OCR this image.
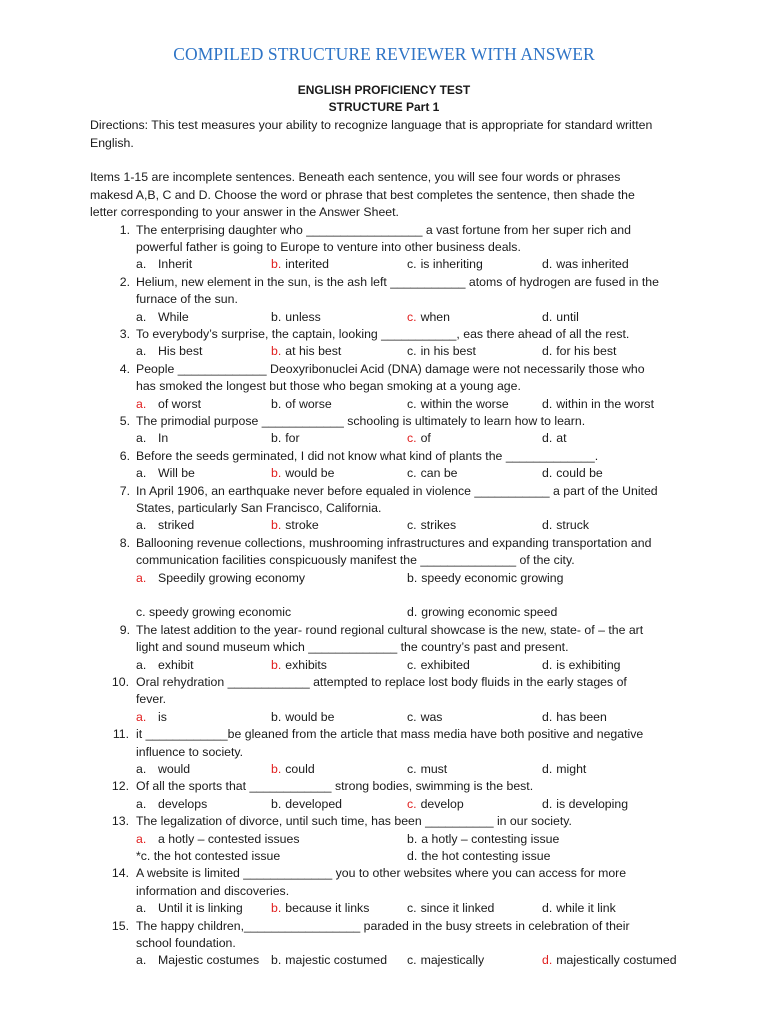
COMPILED STRUCTURE REVIEWER WITH ANSWER
ENGLISH PROFICIENCY TEST
STRUCTURE Part 1
Directions: This test measures your ability to recognize language that is appropriate for standard written
English.
Items 1-15 are incomplete sentences. Beneath each sentence, you will see four words or phrases
makesd A,B, C and D. Choose the word or phrase that best completes the sentence, then shade the
letter corresponding to your answer in the Answer Sheet.
1. The enterprising daughter who _________________ a vast fortune from her super rich and
powerful father is going to Europe to venture into other business deals.
a. Inherit	b. interited	c. is inheriting	d. was inherited
2. Helium, new element in the sun, is the ash left ___________ atoms of hydrogen are fused in the
furnace of the sun.
a. While	b. unless	c. when	d. until
3. To everybody’s surprise, the captain, looking ___________, eas there ahead of all the rest.
a. His best	b. at his best	c. in his best	d. for his best
4. People _____________ Deoxyribonuclei Acid (DNA) damage were not necessarily those who
has smoked the longest but those who began smoking at a young age.
a. of worst	b. of worse	c. within the worse	d. within in the worst
5. The primodial purpose ____________ schooling is ultimately to learn how to learn.
a. In	b. for	c. of	d. at
6. Before the seeds germinated, I did not know what kind of plants the _____________.
a. Will be	b. would be	c. can be	d. could be
7. In April 1906, an earthquake never before equaled in violence ___________ a part of the United
States, particularly San Francisco, California.
a. striked	b. stroke	c. strikes	d. struck
8. Ballooning revenue collections, mushrooming infrastructures and expanding transportation and
communication facilities conspicuously manifest the ______________ of the city.
a. Speedily growing economy	b. speedy economic growing
c. speedy growing economic	d. growing economic speed
9. The latest addition to the year- round regional cultural showcase is the new, state- of – the art
light and sound museum which _____________ the country’s past and present.
a. exhibit	b. exhibits	c. exhibited	d. is exhibiting
10. Oral rehydration ____________ attempted to replace lost body fluids in the early stages of
fever.
a. is	b. would be	c. was	d. has been
11. it ____________be gleaned from the article that mass media have both positive and negative
influence to society.
a. would	b. could	c. must	d. might
12. Of all the sports that ____________ strong bodies, swimming is the best.
a. develops	b. developed	c. develop	d. is developing
13. The legalization of divorce, until such time, has been __________ in our society.
a. a hotly – contested issues	b. a hotly – contesting issue
*c. the hot contested issue	d. the hot contesting issue
14. A website is limited _____________ you to other websites where you can access for more
information and discoveries.
a. Until it is linking b. because it links	c. since it linked	d. while it link
15. The happy children,_________________ paraded in the busy streets in celebration of their
school foundation.
a. Majestic costumes b. majestic costumed c. majestically	d. majestically costumed
